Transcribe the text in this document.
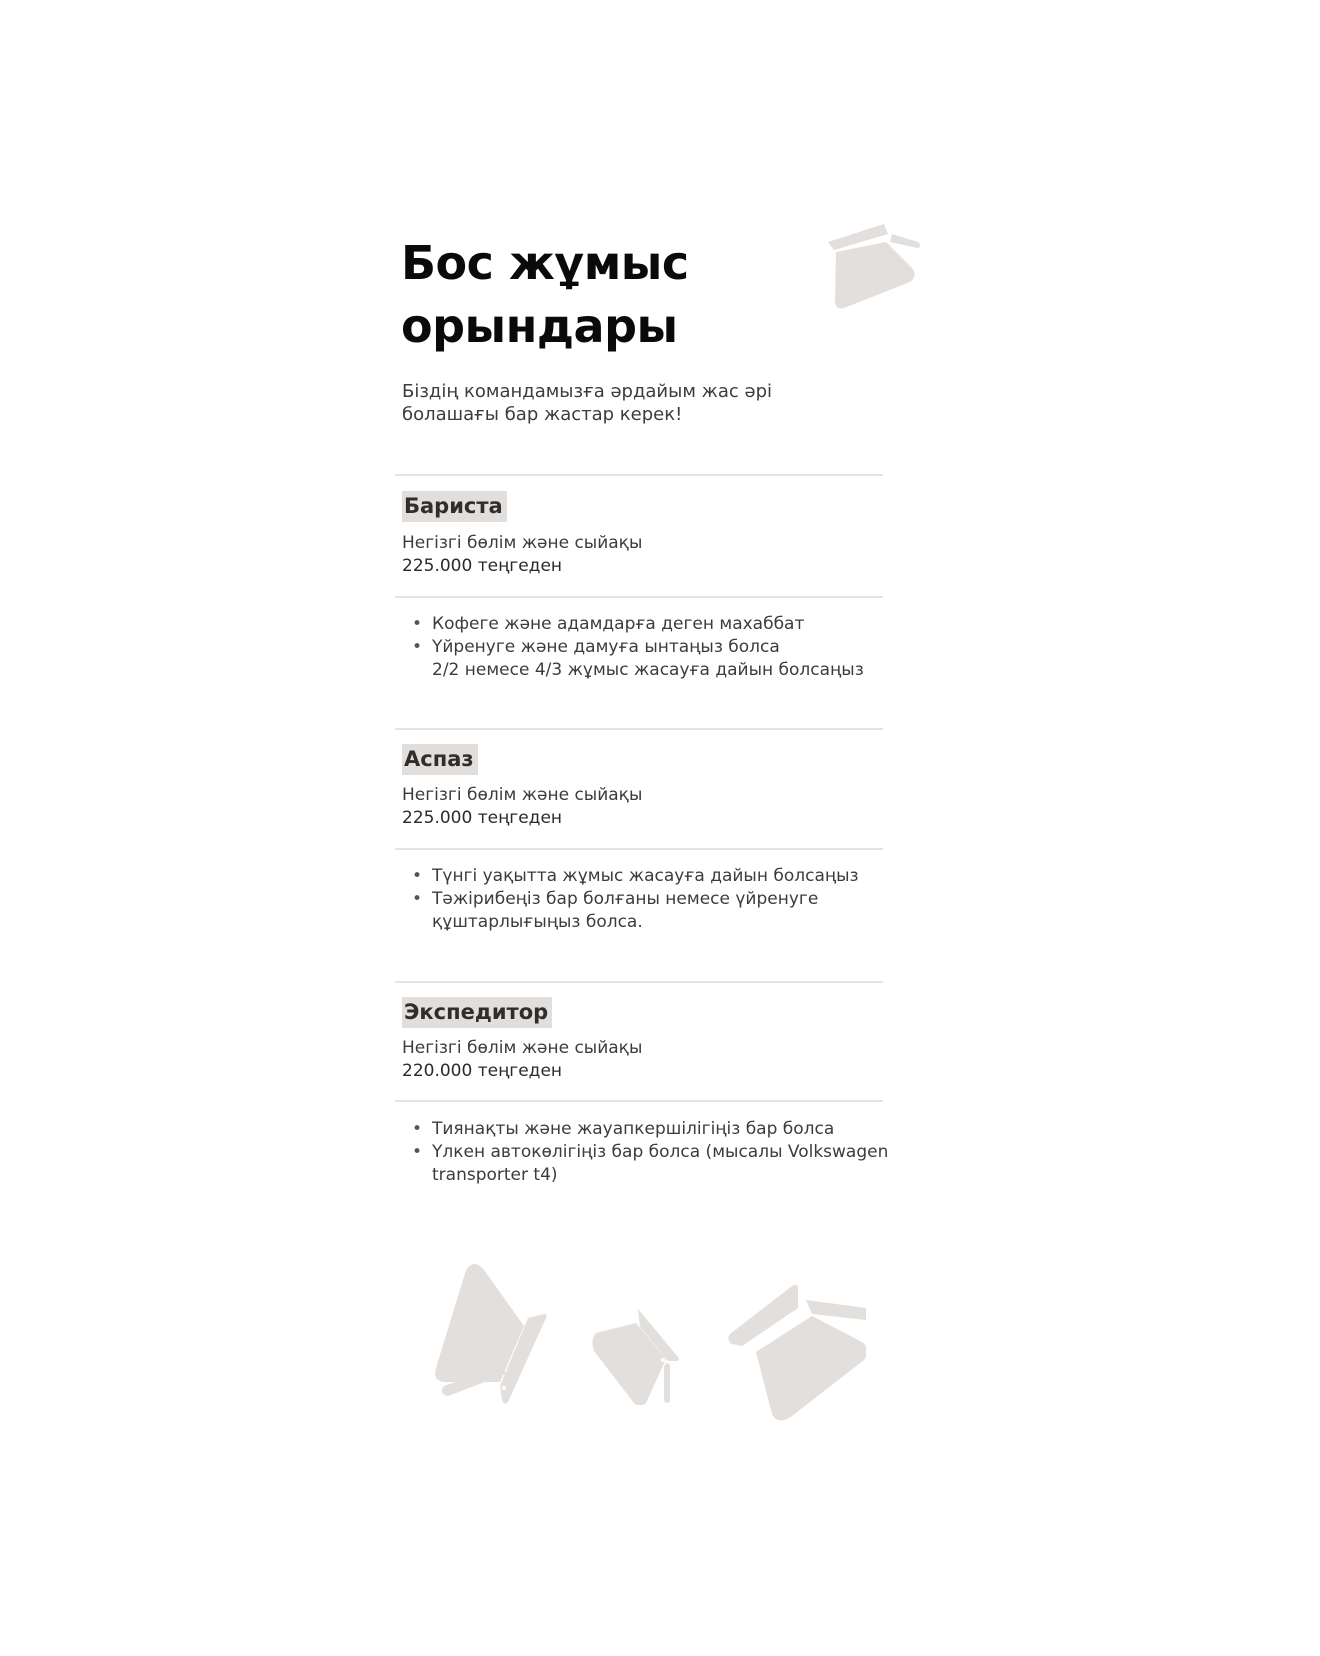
Бос жұмыс
орындары
Біздің командамызға әрдайым жас әрі болашағы бар жастар керек!
Бариста
Негізгі бөлім және сыйақы
225.000 теңгеден
• Кофеге және адамдарға деген махаббат
• Үйренуге және дамуға ынтаңыз болса
2/2 немесе 4/3 жұмыс жасауға дайын болсаңыз
Аспаз
Негізгі бөлім және сыйақы
225.000 теңгеден
• Түнгі уақытта жұмыс жасауға дайын болсаңыз
• Тәжірибеңіз бар болғаны немесе үйренуге құштарлығыңыз болса.
Экспедитор
Негізгі бөлім және сыйақы
220.000 теңгеден
• Тиянақты және жауапкершілігіңіз бар болса
• Үлкен автокөлігіңіз бар болса (мысалы Volkswagen transporter t4)
